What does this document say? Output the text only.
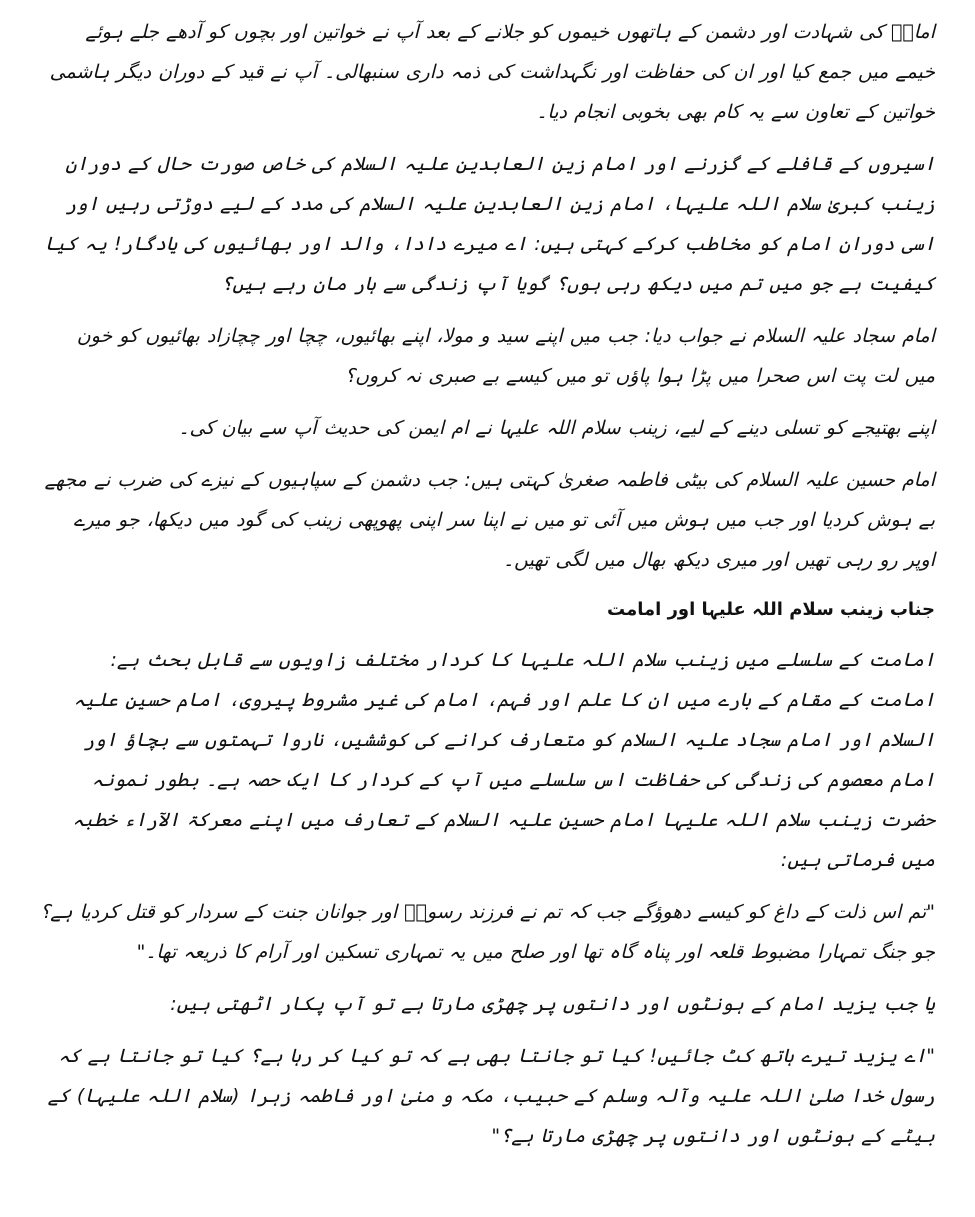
امامؑ کی شہادت اور دشمن کے ہاتھوں خیموں کو جلانے کے بعد آپ نے خواتین اور بچوں کو آدھے جلے ہوئے خیمے میں جمع کیا اور ان کی حفاظت اور نگہداشت کی ذمہ داری سنبھالی۔ آپ نے قید کے دوران دیگر ہاشمی خواتین کے تعاون سے یہ کام بھی بخوبی انجام دیا۔

اسیروں کے قافلے کے گزرنے اور امام زین العابدین علیہ السلام کی خاص صورت حال کے دوران زینب کبریٰ سلام اللہ علیہا، امام زین العابدین علیہ السلام کی مدد کے لیے دوڑتی رہیں اور اسی دوران امام کو مخاطب کرکے کہتی ہیں: اے میرے دادا، والد اور بھائیوں کی یادگار! یہ کیا کیفیت ہے جو میں تم میں دیکھ رہی ہوں؟ گویا آپ زندگی سے ہار مان رہے ہیں؟

امام سجاد علیہ السلام نے جواب دیا: جب میں اپنے سید و مولا، اپنے بھائیوں، چچا اور چچازاد بھائیوں کو خون میں لت پت اس صحرا میں پڑا ہوا پاؤں تو میں کیسے بے صبری نہ کروں؟

اپنے بھتیجے کو تسلی دینے کے لیے، زینب سلام اللہ علیہا نے ام ایمن کی حدیث آپ سے بیان کی۔

امام حسین علیہ السلام کی بیٹی فاطمہ صغریٰ کہتی ہیں: جب دشمن کے سپاہیوں کے نیزے کی ضرب نے مجھے بے ہوش کردیا اور جب میں ہوش میں آئی تو میں نے اپنا سر اپنی پھوپھی زینب کی گود میں دیکھا، جو میرے اوپر رو رہی تھیں اور میری دیکھ بھال میں لگی تھیں۔

جناب زینب سلام اللہ علیہا اور امامت

امامت کے سلسلے میں زینب سلام اللہ علیہا کا کردار مختلف زاویوں سے قابل بحث ہے: امامت کے مقام کے بارے میں ان کا علم اور فہم، امام کی غیر مشروط پیروی، امام حسین علیہ السلام اور امام سجاد علیہ السلام کو متعارف کرانے کی کوششیں، ناروا تہمتوں سے بچاؤ اور امام معصوم کی زندگی کی حفاظت اس سلسلے میں آپ کے کردار کا ایک حصہ ہے۔ بطور نمونہ حضرت زینب سلام اللہ علیہا امام حسین علیہ السلام کے تعارف میں اپنے معرکۃ الآراء خطبہ میں فرماتی ہیں:

"تم اس ذلت کے داغ کو کیسے دھوؤگے جب کہ تم نے فرزند رسولؐ اور جوانان جنت کے سردار کو قتل کردیا ہے؟ جو جنگ تمہارا مضبوط قلعہ اور پناہ گاہ تھا اور صلح میں یہ تمہاری تسکین اور آرام کا ذریعہ تھا۔"

یا جب یزید امام کے ہونٹوں اور دانتوں پر چھڑی مارتا ہے تو آپ پکار اٹھتی ہیں:

"اے یزید تیرے ہاتھ کٹ جائیں! کیا تو جانتا بھی ہے کہ تو کیا کر رہا ہے؟ کیا تو جانتا ہے کہ رسول خدا صلیٰ اللہ علیہ وآلہ وسلم کے حبیب، مکہ و منیٰ اور فاطمہ زہرا (سلام اللہ علیہا) کے بیٹے کے ہونٹوں اور دانتوں پر چھڑی مارتا ہے؟"
